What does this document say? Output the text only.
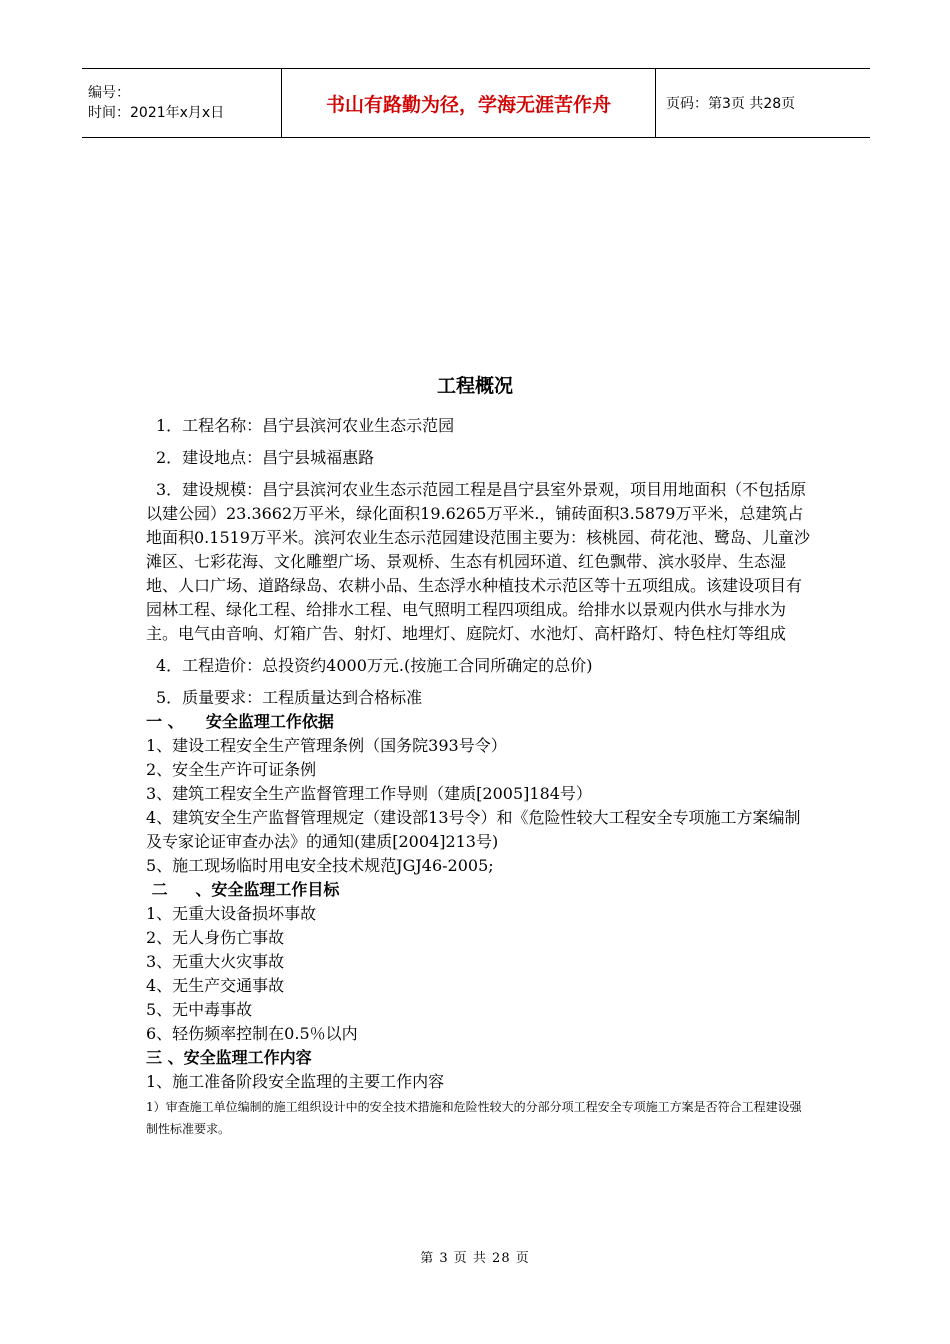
编号：
时间：2021年x月x日	书山有路勤为径，学海无涯苦作舟	页码：第3页 共28页
工程概况

1．工程名称：昌宁县滨河农业生态示范园

2．建设地点：昌宁县城福惠路

3．建设规模：昌宁县滨河农业生态示范园工程是昌宁县室外景观，项目用地面积（不包括原以建公园）23.3662万平米，绿化面积19.6265万平米.，铺砖面积3.5879万平米，总建筑占地面积0.1519万平米。滨河农业生态示范园建设范围主要为：核桃园、荷花池、鹭岛、儿童沙滩区、七彩花海、文化雕塑广场、景观桥、生态有机园环道、红色飘带、滨水驳岸、生态湿地、人口广场、道路绿岛、农耕小品、生态浮水种植技术示范区等十五项组成。该建设项目有园林工程、绿化工程、给排水工程、电气照明工程四项组成。给排水以景观内供水与排水为主。电气由音响、灯箱广告、射灯、地埋灯、庭院灯、水池灯、高杆路灯、特色柱灯等组成

4．工程造价：总投资约4000万元.(按施工合同所确定的总价)

5．质量要求：工程质量达到合格标准

一 、    安全监理工作依据

1、建设工程安全生产管理条例（国务院393号令）

2、安全生产许可证条例

3、建筑工程安全生产监督管理工作导则（建质[2005]184号）

4、建筑安全生产监督管理规定（建设部13号令）和《危险性较大工程安全专项施工方案编制及专家论证审查办法》的通知(建质[2004]213号)

5、施工现场临时用电安全技术规范JGJ46-2005;

二     、安全监理工作目标

1、无重大设备损坏事故

2、无人身伤亡事故

3、无重大火灾事故

4、无生产交通事故

5、无中毒事故

6、轻伤频率控制在0.5％以内

三 、安全监理工作内容

1、施工准备阶段安全监理的主要工作内容

1）审查施工单位编制的施工组织设计中的安全技术措施和危险性较大的分部分项工程安全专项施工方案是否符合工程建设强制性标准要求。

第 3 页 共 28 页
